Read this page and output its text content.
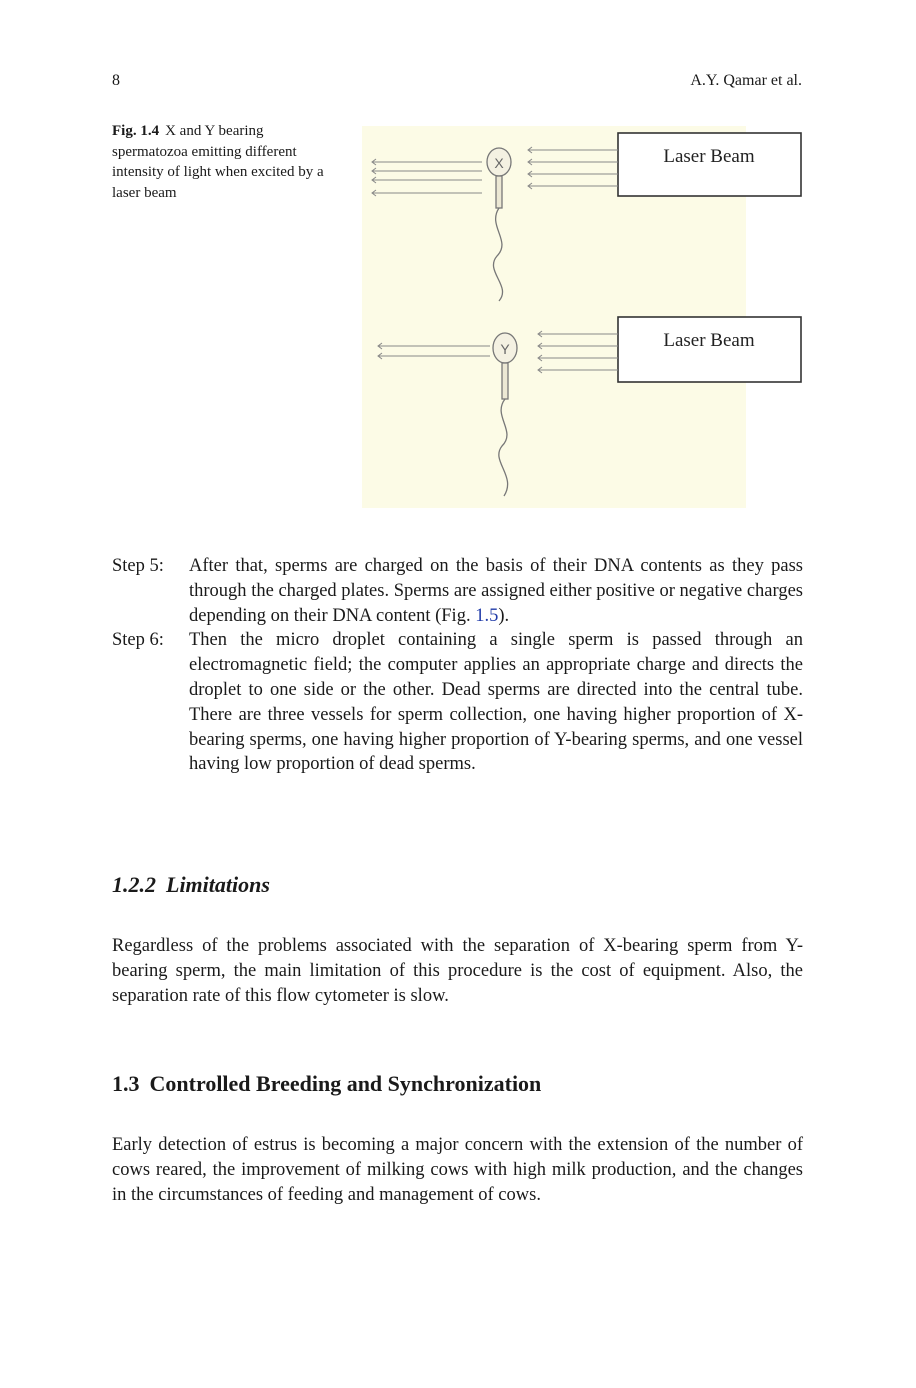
8	A.Y. Qamar et al.
Fig. 1.4 X and Y bearing spermatozoa emitting different intensity of light when excited by a laser beam
Laser Beam
Laser Beam
X
Y
Step 5:	After that, sperms are charged on the basis of their DNA contents as they pass through the charged plates. Sperms are assigned either positive or negative charges depending on their DNA content (Fig. 1.5).
Step 6:	Then the micro droplet containing a single sperm is passed through an electromagnetic field; the computer applies an appropriate charge and directs the droplet to one side or the other. Dead sperms are directed into the central tube. There are three vessels for sperm collection, one having higher proportion of X-bearing sperms, one having higher proportion of Y-bearing sperms, and one vessel having low proportion of dead sperms.
1.2.2 Limitations

Regardless of the problems associated with the separation of X-bearing sperm from Y- bearing sperm, the main limitation of this procedure is the cost of equipment. Also, the separation rate of this flow cytometer is slow.

1.3 Controlled Breeding and Synchronization

Early detection of estrus is becoming a major concern with the extension of the number of cows reared, the improvement of milking cows with high milk production, and the changes in the circumstances of feeding and management of cows.
